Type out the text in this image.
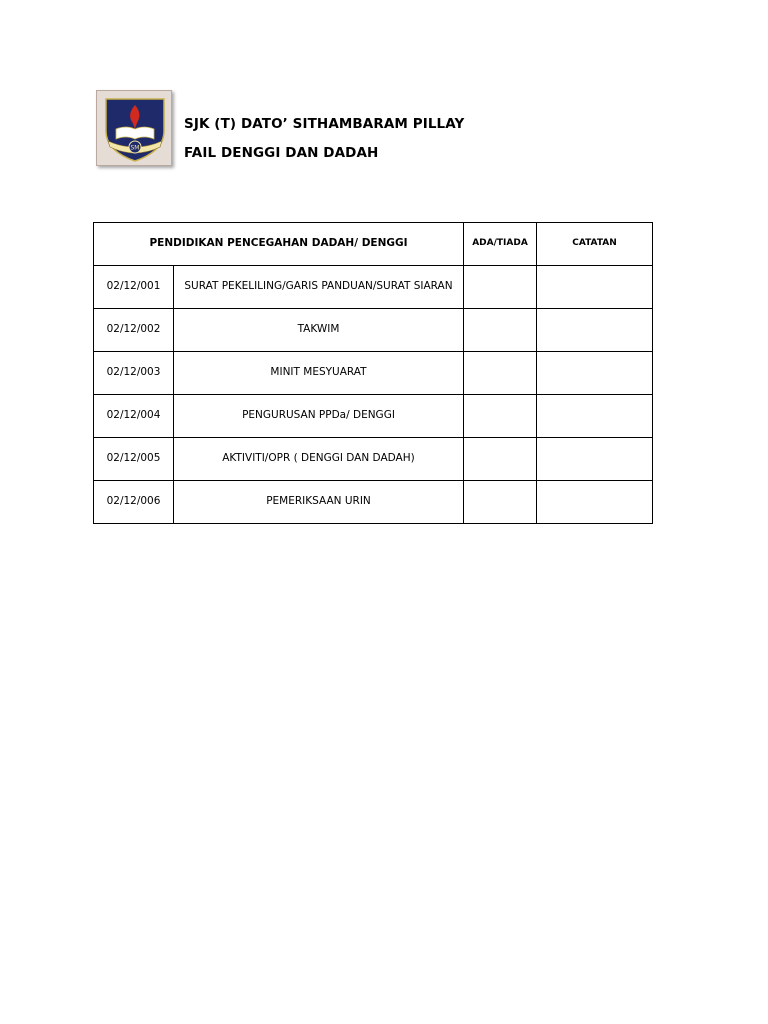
SM
SJK (T) DATO’ SITHAMBARAM PILLAY
FAIL DENGGI DAN DADAH
PENDIDIKAN PENCEGAHAN DADAH/ DENGGI		ADA/TIADA	CATATAN
02/12/001	SURAT PEKELILING/GARIS PANDUAN/SURAT SIARAN		
02/12/002	TAKWIM		
02/12/003	MINIT MESYUARAT		
02/12/004	PENGURUSAN PPDa/ DENGGI		
02/12/005	AKTIVITI/OPR ( DENGGI DAN DADAH)		
02/12/006	PEMERIKSAAN URIN		
